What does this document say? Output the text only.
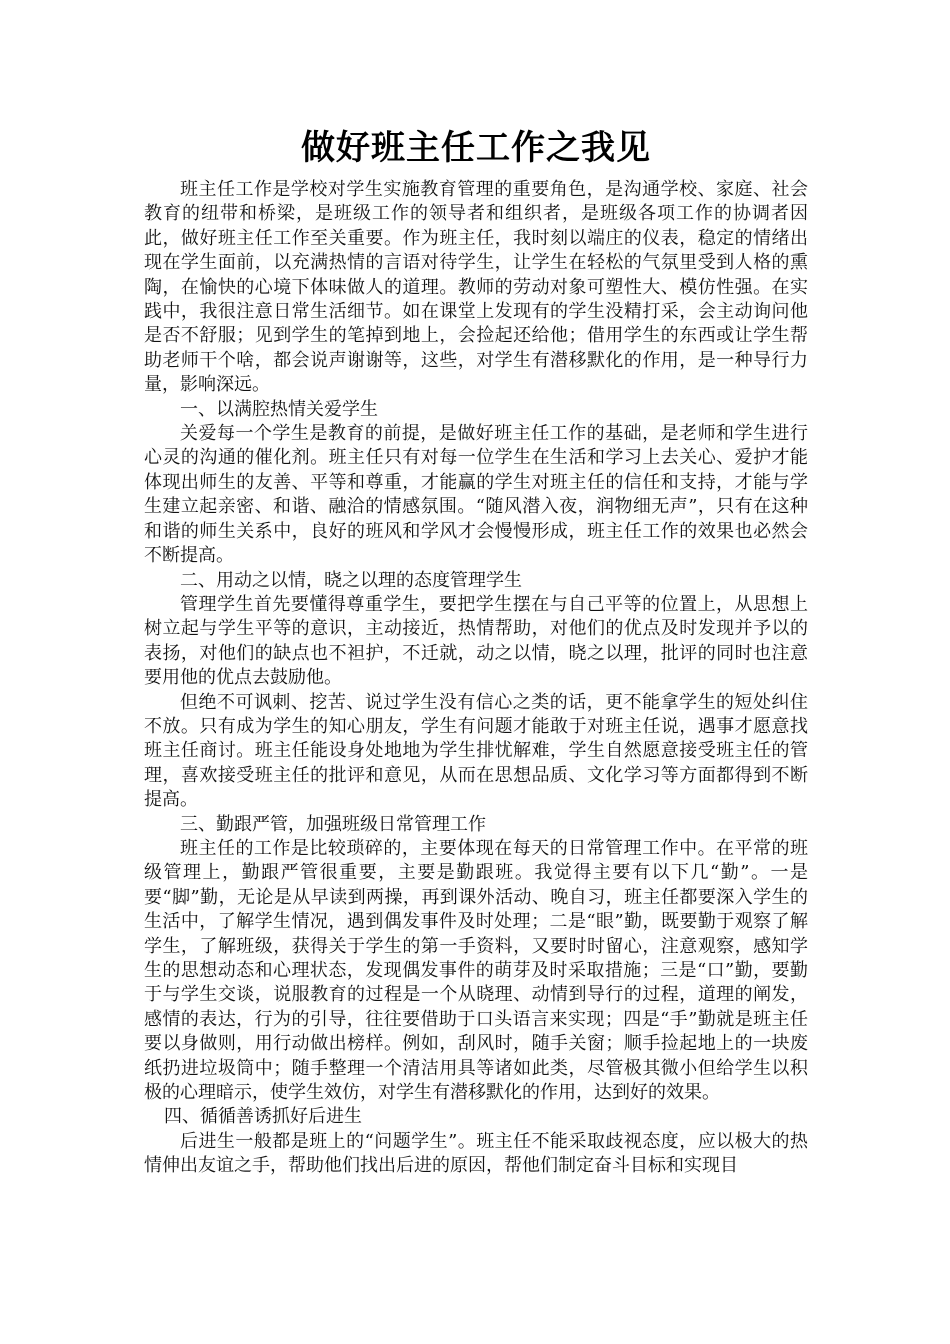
做好班主任工作之我见

班主任工作是学校对学生实施教育管理的重要角色，是沟通学校、家庭、社会教育的纽带和桥梁，是班级工作的领导者和组织者，是班级各项工作的协调者因此，做好班主任工作至关重要。作为班主任，我时刻以端庄的仪表，稳定的情绪出现在学生面前，以充满热情的言语对待学生，让学生在轻松的气氛里受到人格的熏陶，在愉快的心境下体味做人的道理。教师的劳动对象可塑性大、模仿性强。在实践中，我很注意日常生活细节。如在课堂上发现有的学生没精打采，会主动询问他是否不舒服；见到学生的笔掉到地上，会捡起还给他；借用学生的东西或让学生帮助老师干个啥，都会说声谢谢等，这些，对学生有潜移默化的作用，是一种导行力量，影响深远。

一、以满腔热情关爱学生

关爱每一个学生是教育的前提，是做好班主任工作的基础，是老师和学生进行心灵的沟通的催化剂。班主任只有对每一位学生在生活和学习上去关心、爱护才能体现出师生的友善、平等和尊重，才能赢的学生对班主任的信任和支持，才能与学生建立起亲密、和谐、融洽的情感氛围。“随风潜入夜，润物细无声”，只有在这种和谐的师生关系中，良好的班风和学风才会慢慢形成，班主任工作的效果也必然会不断提高。

二、用动之以情，晓之以理的态度管理学生

管理学生首先要懂得尊重学生，要把学生摆在与自己平等的位置上，从思想上树立起与学生平等的意识，主动接近，热情帮助，对他们的优点及时发现并予以的表扬，对他们的缺点也不袒护，不迁就，动之以情，晓之以理，批评的同时也注意要用他的优点去鼓励他。

但绝不可讽刺、挖苦、说过学生没有信心之类的话，更不能拿学生的短处纠住不放。只有成为学生的知心朋友，学生有问题才能敢于对班主任说，遇事才愿意找班主任商讨。班主任能设身处地地为学生排忧解难，学生自然愿意接受班主任的管理，喜欢接受班主任的批评和意见，从而在思想品质、文化学习等方面都得到不断提高。

三、勤跟严管，加强班级日常管理工作

班主任的工作是比较琐碎的，主要体现在每天的日常管理工作中。在平常的班级管理上，勤跟严管很重要，主要是勤跟班。我觉得主要有以下几“勤”。一是要“脚”勤，无论是从早读到两操，再到课外活动、晚自习，班主任都要深入学生的生活中，了解学生情况，遇到偶发事件及时处理；二是“眼”勤，既要勤于观察了解学生，了解班级，获得关于学生的第一手资料，又要时时留心，注意观察，感知学生的思想动态和心理状态，发现偶发事件的萌芽及时采取措施；三是“口”勤，要勤于与学生交谈，说服教育的过程是一个从晓理、动情到导行的过程，道理的阐发，感情的表达，行为的引导，往往要借助于口头语言来实现；四是“手”勤就是班主任要以身做则，用行动做出榜样。例如，刮风时，随手关窗；顺手捡起地上的一块废纸扔进垃圾筒中；随手整理一个清洁用具等诸如此类，尽管极其微小但给学生以积极的心理暗示，使学生效仿，对学生有潜移默化的作用，达到好的效果。

四、循循善诱抓好后进生

后进生一般都是班上的“问题学生”。班主任不能采取歧视态度，应以极大的热情伸出友谊之手，帮助他们找出后进的原因，帮他们制定奋斗目标和实现目
